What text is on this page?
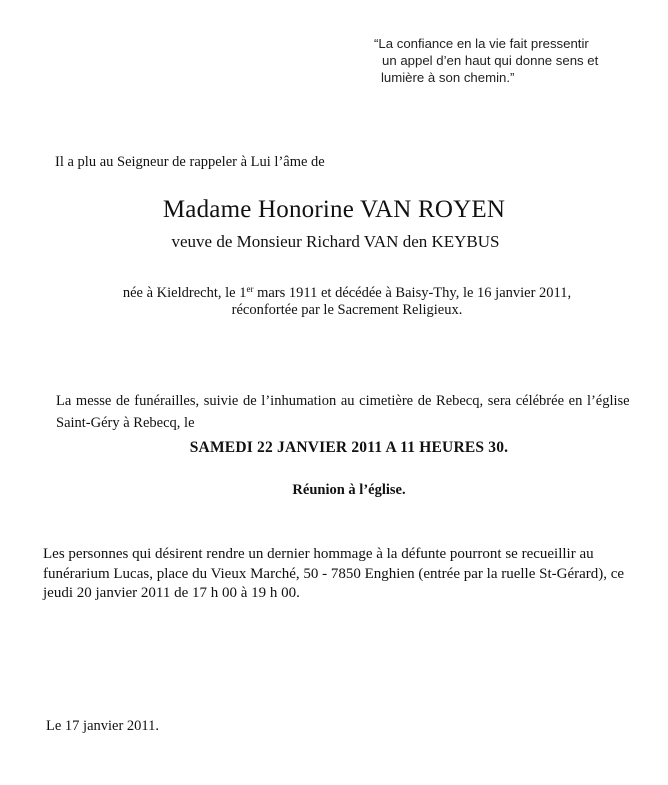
“La confiance en la vie fait pressentir
un appel d’en haut qui donne sens et
lumière à son chemin.”
Il a plu au Seigneur de rappeler à Lui l’âme de
Madame Honorine VAN ROYEN
veuve de Monsieur Richard VAN den KEYBUS
née à Kieldrecht, le 1er mars 1911 et décédée à Baisy-Thy, le 16 janvier 2011,
réconfortée par le Sacrement Religieux.
La messe de funérailles, suivie de l’inhumation au cimetière de Rebecq, sera célébrée en l’église
Saint-Géry à Rebecq, le
SAMEDI 22 JANVIER 2011 A 11 HEURES 30.
Réunion à l’église.
Les personnes qui désirent rendre un dernier hommage à la défunte pourront se recueillir au
funérarium Lucas, place du Vieux Marché, 50 - 7850 Enghien (entrée par la ruelle St-Gérard), ce
jeudi 20 janvier 2011 de 17 h 00 à 19 h 00.
Le 17 janvier 2011.
